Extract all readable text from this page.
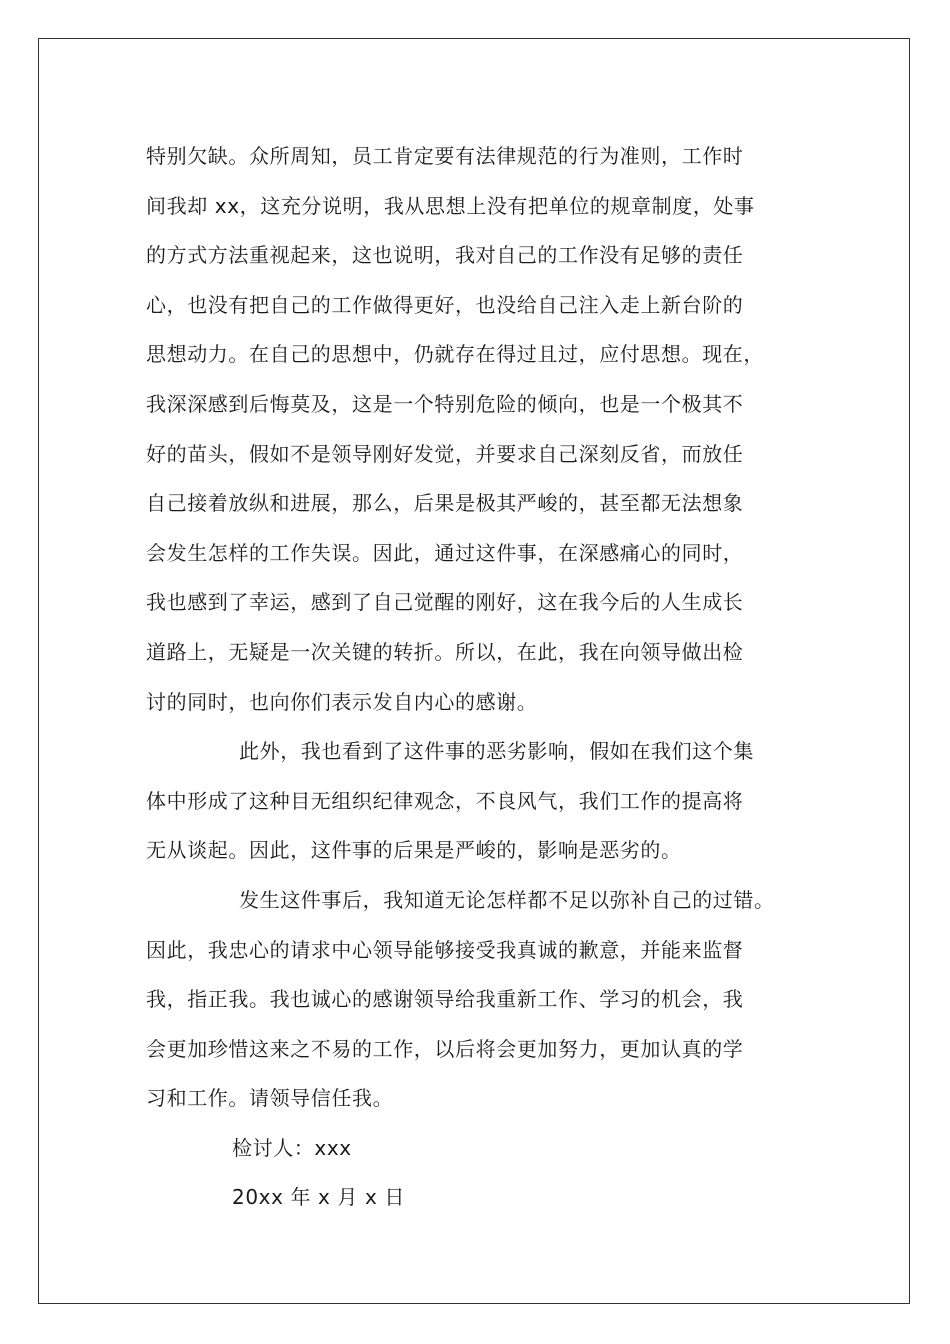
特别欠缺。众所周知，员工肯定要有法律规范的行为准则，工作时
间我却 xx，这充分说明，我从思想上没有把单位的规章制度，处事
的方式方法重视起来，这也说明，我对自己的工作没有足够的责任
心，也没有把自己的工作做得更好，也没给自己注入走上新台阶的
思想动力。在自己的思想中，仍就存在得过且过，应付思想。现在，
我深深感到后悔莫及，这是一个特别危险的倾向，也是一个极其不
好的苗头，假如不是领导刚好发觉，并要求自己深刻反省，而放任
自己接着放纵和进展，那么，后果是极其严峻的，甚至都无法想象
会发生怎样的工作失误。因此，通过这件事，在深感痛心的同时，
我也感到了幸运，感到了自己觉醒的刚好，这在我今后的人生成长
道路上，无疑是一次关键的转折。所以，在此，我在向领导做出检
讨的同时，也向你们表示发自内心的感谢。
此外，我也看到了这件事的恶劣影响，假如在我们这个集
体中形成了这种目无组织纪律观念，不良风气，我们工作的提高将
无从谈起。因此，这件事的后果是严峻的，影响是恶劣的。
发生这件事后，我知道无论怎样都不足以弥补自己的过错。
因此，我忠心的请求中心领导能够接受我真诚的歉意，并能来监督
我，指正我。我也诚心的感谢领导给我重新工作、学习的机会，我
会更加珍惜这来之不易的工作，以后将会更加努力，更加认真的学
习和工作。请领导信任我。
检讨人：xxx
20xx 年 x 月 x 日
